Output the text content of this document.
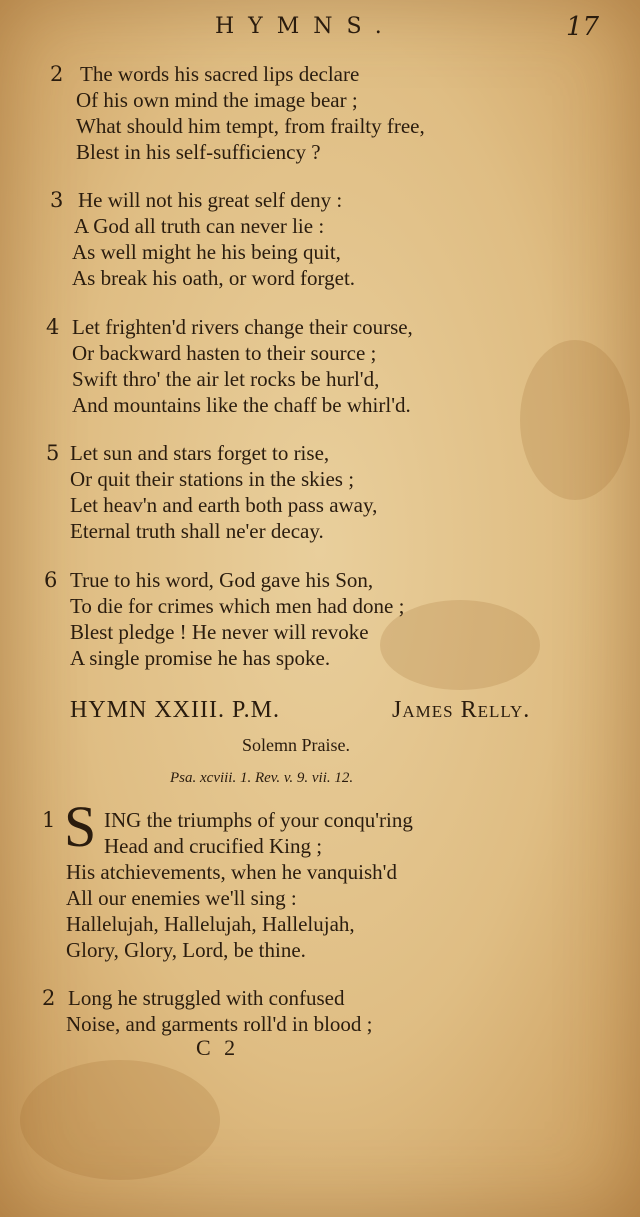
HYMNS.	17
2 The words his sacred lips declare
Of his own mind the image bear ;
What should him tempt, from frailty free,
Blest in his self-sufficiency ?
3 He will not his great self deny :
A God all truth can never lie :
As well might he his being quit,
As break his oath, or word forget.
4 Let frighten'd rivers change their course,
Or backward hasten to their source ;
Swift thro' the air let rocks be hurl'd,
And mountains like the chaff be whirl'd.
5 Let sun and stars forget to rise,
Or quit their stations in the skies ;
Let heav'n and earth both pass away,
Eternal truth shall ne'er decay.
6 True to his word, God gave his Son,
To die for crimes which men had done ;
Blest pledge ! He never will revoke
A single promise he has spoke.
HYMN XXIII. P.M.	James Relly.
Solemn Praise.
Psa. xcviii. 1. Rev. v. 9. vii. 12.
1 S ING the triumphs of your conqu'ring
Head and crucified King ;
His atchievements, when he vanquish'd
All our enemies we'll sing :
Hallelujah, Hallelujah, Hallelujah,
Glory, Glory, Lord, be thine.
2 Long he struggled with confused
Noise, and garments roll'd in blood ;
C 2
